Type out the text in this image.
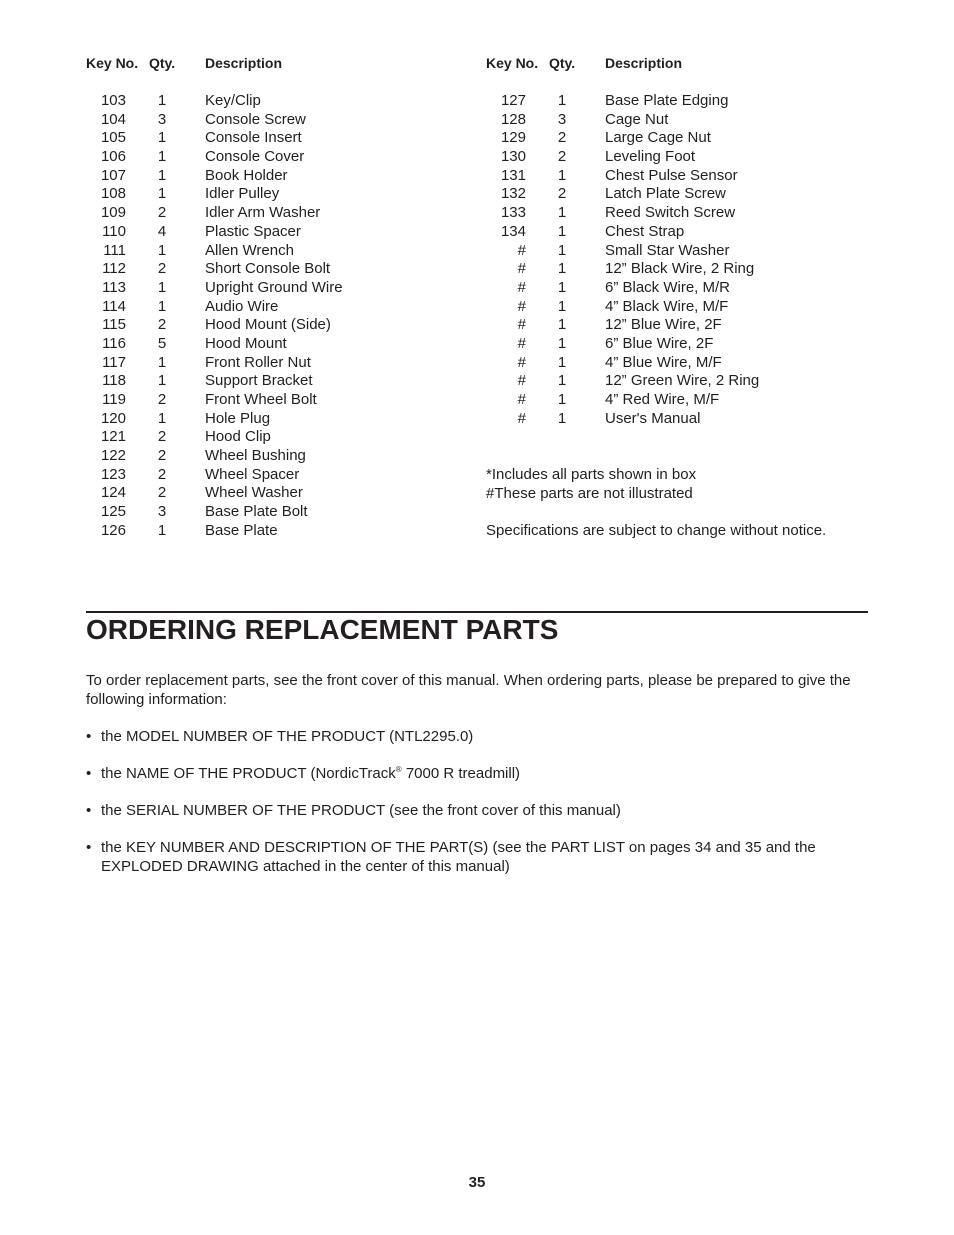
Key No. Qty. Description
103 1	Key/Clip
104 3	Console Screw
105 1	Console Insert
106 1	Console Cover
107 1	Book Holder
108 1	Idler Pulley
109 2	Idler Arm Washer
110 4	Plastic Spacer
111 1	Allen Wrench
112 2	Short Console Bolt
113 1	Upright Ground Wire
114 1	Audio Wire
115 2	Hood Mount (Side)
116 5	Hood Mount
117 1	Front Roller Nut
118 1	Support Bracket
119 2	Front Wheel Bolt
120 1	Hole Plug
121 2	Hood Clip
122 2	Wheel Bushing
123 2	Wheel Spacer
124 2	Wheel Washer
125 3	Base Plate Bolt
126 1	Base Plate
Key No. Qty. Description
127 1	Base Plate Edging
128 3	Cage Nut
129 2	Large Cage Nut
130 2	Leveling Foot
131 1	Chest Pulse Sensor
132 2	Latch Plate Screw
133 1	Reed Switch Screw
134 1	Chest Strap
# 1	Small Star Washer
# 1	12” Black Wire, 2 Ring
# 1	6” Black Wire, M/R
# 1	4” Black Wire, M/F
# 1	12” Blue Wire, 2F
# 1	6” Blue Wire, 2F
# 1	4” Blue Wire, M/F
# 1	12” Green Wire, 2 Ring
# 1	4” Red Wire, M/F
# 1	User's Manual
*Includes all parts shown in box
#These parts are not illustrated
Specifications are subject to change without notice.
ORDERING REPLACEMENT PARTS

To order replacement parts, see the front cover of this manual. When ordering parts, please be prepared to give the following information:

• the MODEL NUMBER OF THE PRODUCT (NTL2295.0)
• the NAME OF THE PRODUCT (NordicTrack® 7000 R treadmill)
• the SERIAL NUMBER OF THE PRODUCT (see the front cover of this manual)
• the KEY NUMBER AND DESCRIPTION OF THE PART(S) (see the PART LIST on pages 34 and 35 and the EXPLODED DRAWING attached in the center of this manual)
35
